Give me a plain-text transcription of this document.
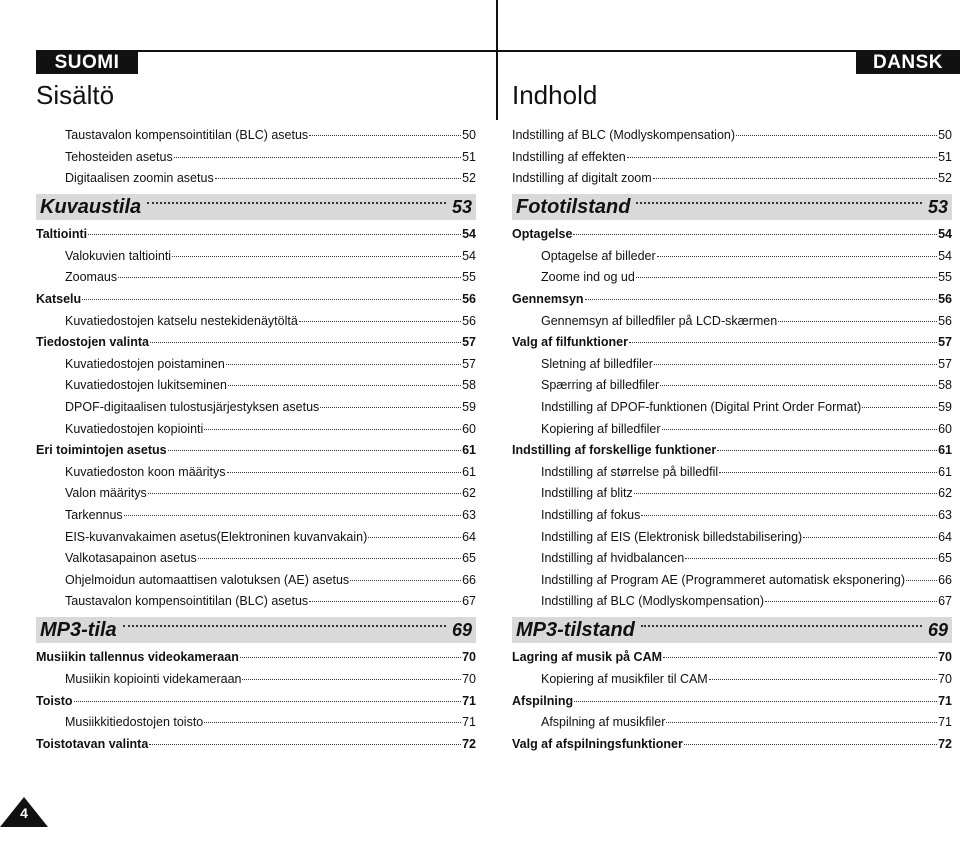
SUOMI	DANSK
Sisältö	Indhold
Taustavalon kompensointitilan (BLC) asetus	50
Tehosteiden asetus	51
Digitaalisen zoomin asetus	52
Kuvaustila	53
Taltiointi	54
Valokuvien taltiointi	54
Zoomaus	55
Katselu	56
Kuvatiedostojen katselu nestekidenäytöltä	56
Tiedostojen valinta	57
Kuvatiedostojen poistaminen	57
Kuvatiedostojen lukitseminen	58
DPOF-digitaalisen tulostusjärjestyksen asetus	59
Kuvatiedostojen kopiointi	60
Eri toimintojen asetus	61
Kuvatiedoston koon määritys	61
Valon määritys	62
Tarkennus	63
EIS-kuvanvakaimen asetus(Elektroninen kuvanvakain)	64
Valkotasapainon asetus	65
Ohjelmoidun automaattisen valotuksen (AE) asetus	66
Taustavalon kompensointitilan (BLC) asetus	67
MP3-tila	69
Musiikin tallennus videokameraan	70
Musiikin kopiointi videkameraan	70
Toisto	71
Musiikkitiedostojen toisto	71
Toistotavan valinta	72
Indstilling af BLC (Modlyskompensation)	50
Indstilling af effekten	51
Indstilling af digitalt zoom	52
Fototilstand	53
Optagelse	54
Optagelse af billeder	54
Zoome ind og ud	55
Gennemsyn	56
Gennemsyn af billedfiler på LCD-skærmen	56
Valg af filfunktioner	57
Sletning af billedfiler	57
Spærring af billedfiler	58
Indstilling af DPOF-funktionen (Digital Print Order Format)	59
Kopiering af billedfiler	60
Indstilling af forskellige funktioner	61
Indstilling af størrelse på billedfil	61
Indstilling af blitz	62
Indstilling af fokus	63
Indstilling af EIS (Elektronisk billedstabilisering)	64
Indstilling af hvidbalancen	65
Indstilling af Program AE (Programmeret automatisk eksponering)	66
Indstilling af BLC (Modlyskompensation)	67
MP3-tilstand	69
Lagring af musik på CAM	70
Kopiering af musikfiler til CAM	70
Afspilning	71
Afspilning af musikfiler	71
Valg af afspilningsfunktioner	72
4
